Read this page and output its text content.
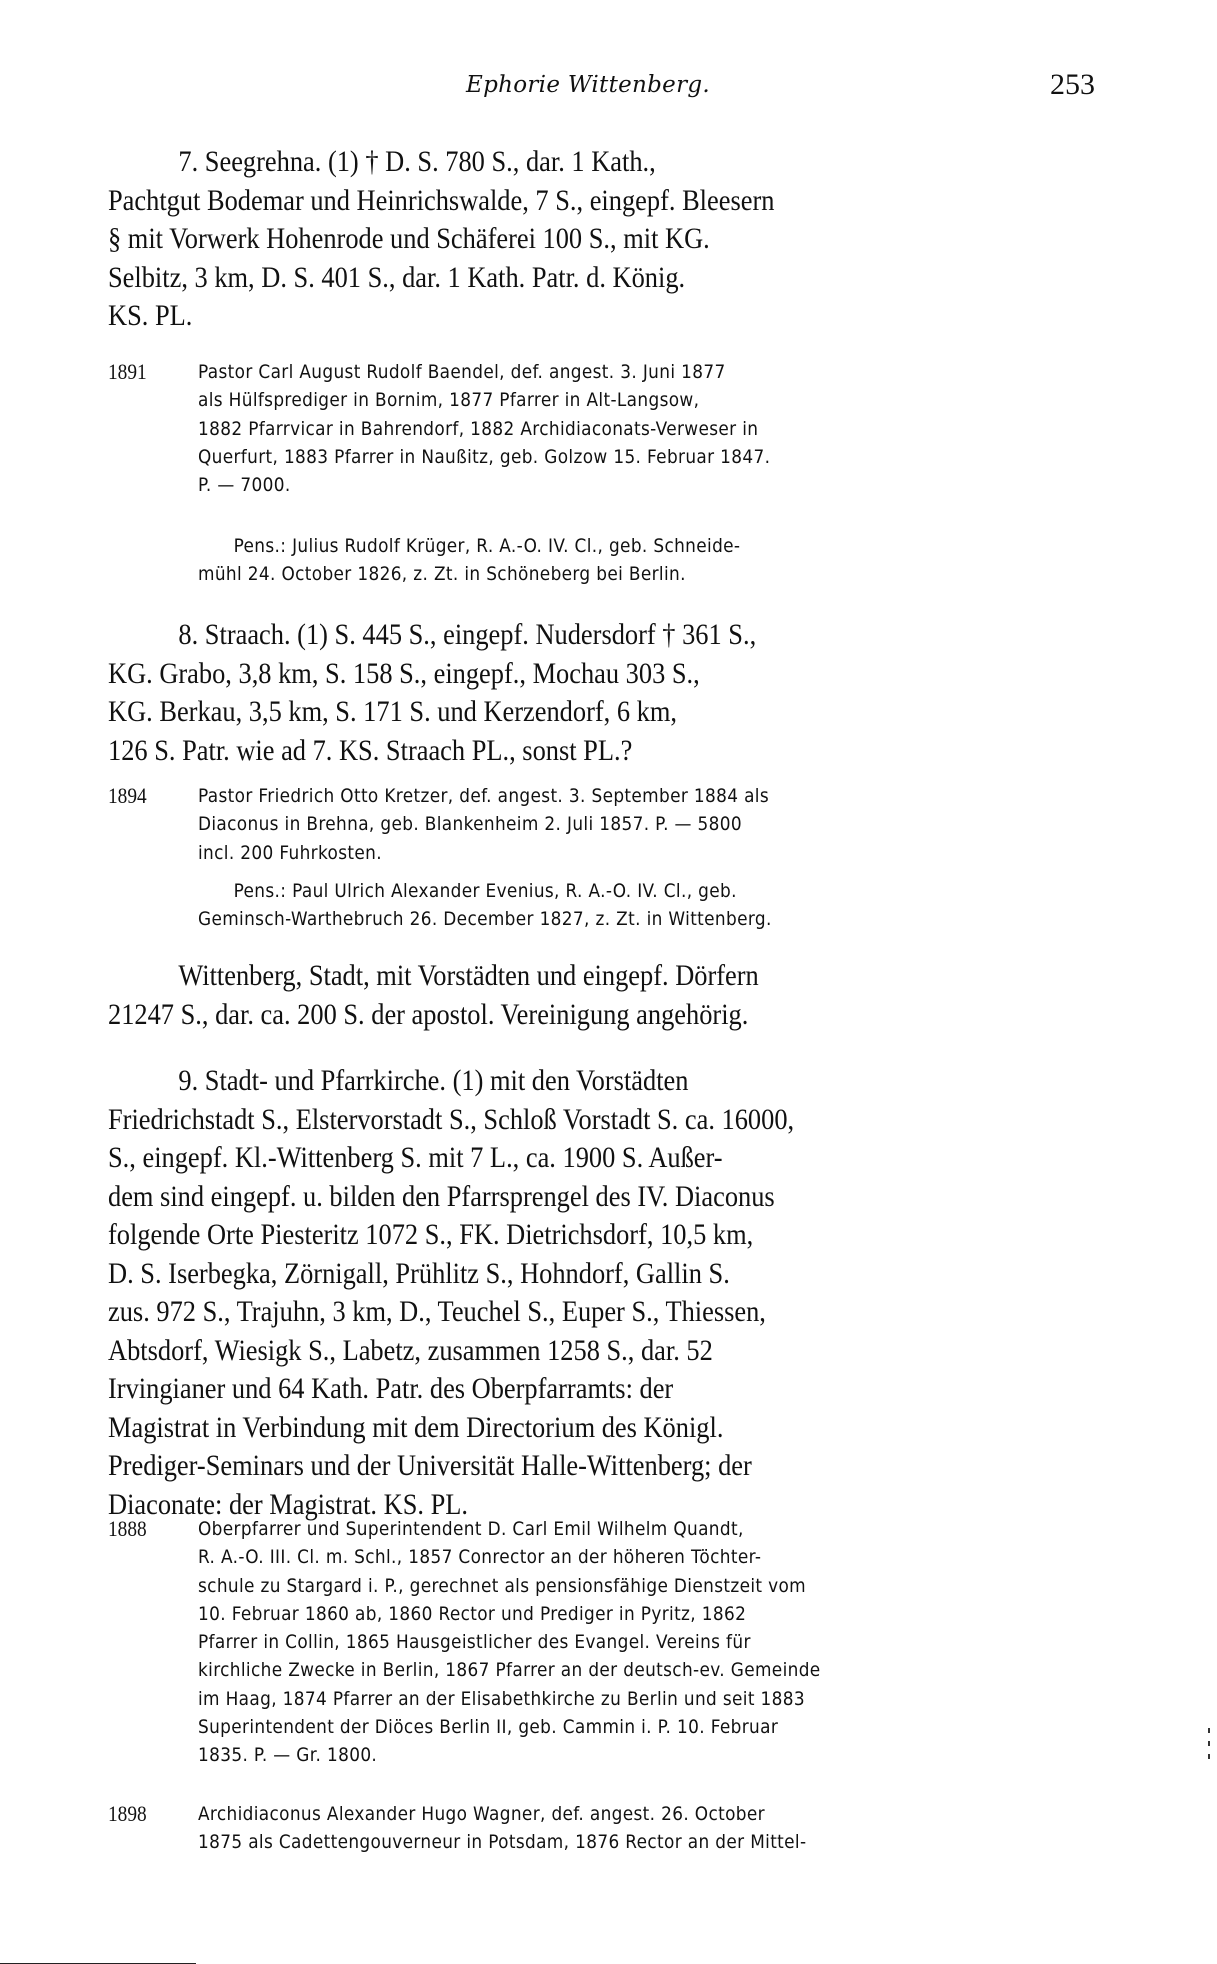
Ephorie Wittenberg.	253
7. Seegrehna. (1) † D. S. 780 S., dar. 1 Kath.,
Pachtgut Bodemar und Heinrichswalde, 7 S., eingepf. Bleesern
§ mit Vorwerk Hohenrode und Schäferei 100 S., mit KG.
Selbitz, 3 km, D. S. 401 S., dar. 1 Kath. Patr. d. König.
KS. PL.
1891	Pastor Carl August Rudolf Baendel, def. angest. 3. Juni 1877
als Hülfsprediger in Bornim, 1877 Pfarrer in Alt-Langsow,
1882 Pfarrvicar in Bahrendorf, 1882 Archidiaconats-Verweser in
Querfurt, 1883 Pfarrer in Naußitz, geb. Golzow 15. Februar 1847.
P. — 7000.
Pens.: Julius Rudolf Krüger, R. A.-O. IV. Cl., geb. Schneide-
mühl 24. October 1826, z. Zt. in Schöneberg bei Berlin.
8. Straach. (1) S. 445 S., eingepf. Nudersdorf † 361 S.,
KG. Grabo, 3,8 km, S. 158 S., eingepf., Mochau 303 S.,
KG. Berkau, 3,5 km, S. 171 S. und Kerzendorf, 6 km,
126 S. Patr. wie ad 7. KS. Straach PL., sonst PL.?
1894	Pastor Friedrich Otto Kretzer, def. angest. 3. September 1884 als
Diaconus in Brehna, geb. Blankenheim 2. Juli 1857. P. — 5800
incl. 200 Fuhrkosten.
Pens.: Paul Ulrich Alexander Evenius, R. A.-O. IV. Cl., geb.
Geminsch-Warthebruch 26. December 1827, z. Zt. in Wittenberg.
Wittenberg, Stadt, mit Vorstädten und eingepf. Dörfern
21247 S., dar. ca. 200 S. der apostol. Vereinigung angehörig.
9. Stadt- und Pfarrkirche. (1) mit den Vorstädten
Friedrichstadt S., Elstervorstadt S., Schloß Vorstadt S. ca. 16000,
S., eingepf. Kl.-Wittenberg S. mit 7 L., ca. 1900 S. Außer-
dem sind eingepf. u. bilden den Pfarrsprengel des IV. Diaconus
folgende Orte Piesteritz 1072 S., FK. Dietrichsdorf, 10,5 km,
D. S. Iserbegka, Zörnigall, Prühlitz S., Hohndorf, Gallin S.
zus. 972 S., Trajuhn, 3 km, D., Teuchel S., Euper S., Thiessen,
Abtsdorf, Wiesigk S., Labetz, zusammen 1258 S., dar. 52
Irvingianer und 64 Kath. Patr. des Oberpfarramts: der
Magistrat in Verbindung mit dem Directorium des Königl.
Prediger-Seminars und der Universität Halle-Wittenberg; der
Diaconate: der Magistrat. KS. PL.
1888	Oberpfarrer und Superintendent D. Carl Emil Wilhelm Quandt,
R. A.-O. III. Cl. m. Schl., 1857 Conrector an der höheren Töchter-
schule zu Stargard i. P., gerechnet als pensionsfähige Dienstzeit vom
10. Februar 1860 ab, 1860 Rector und Prediger in Pyritz, 1862
Pfarrer in Collin, 1865 Hausgeistlicher des Evangel. Vereins für
kirchliche Zwecke in Berlin, 1867 Pfarrer an der deutsch-ev. Gemeinde
im Haag, 1874 Pfarrer an der Elisabethkirche zu Berlin und seit 1883
Superintendent der Diöces Berlin II, geb. Cammin i. P. 10. Februar
1835. P. — Gr. 1800.
1898	Archidiaconus Alexander Hugo Wagner, def. angest. 26. October
1875 als Cadettengouverneur in Potsdam, 1876 Rector an der Mittel-
